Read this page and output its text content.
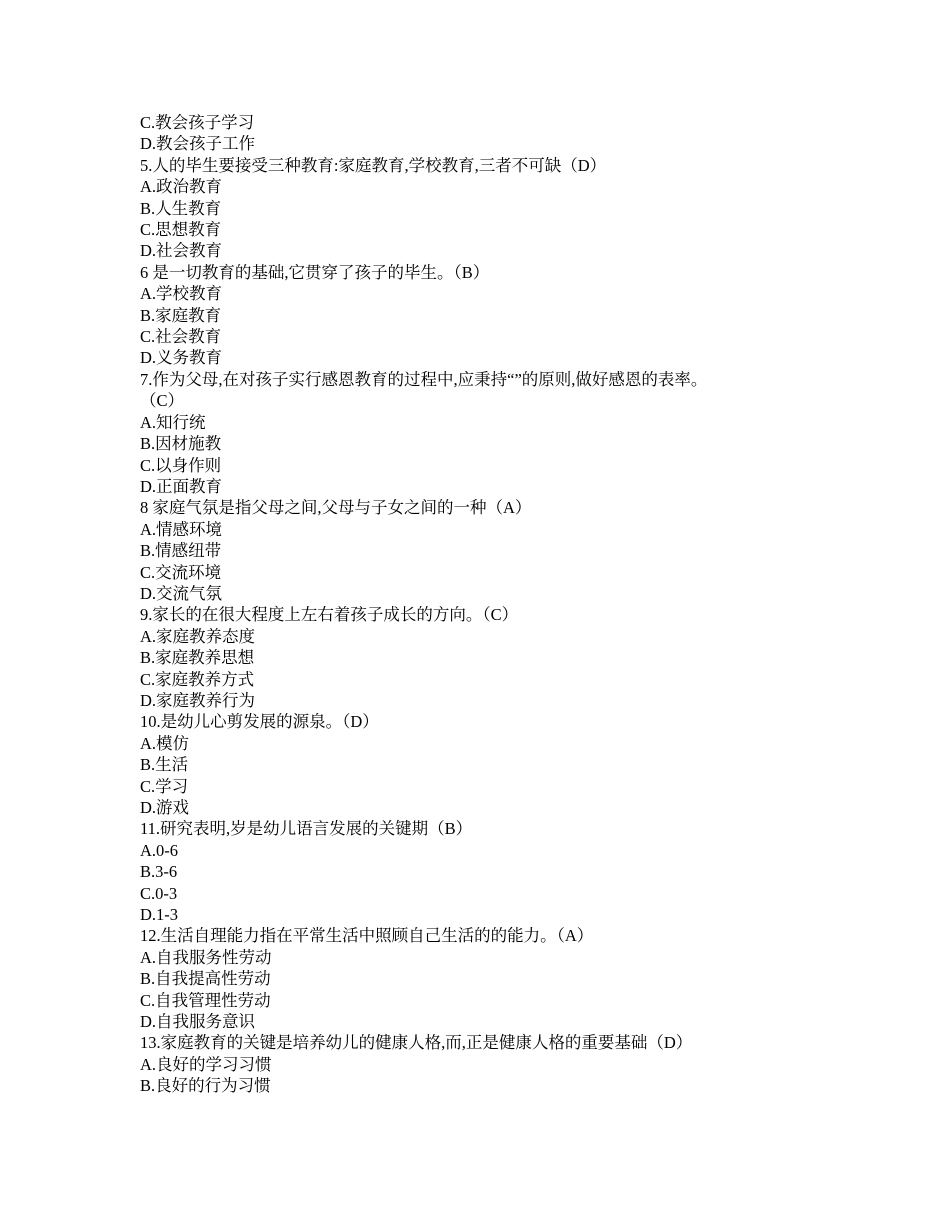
C.教会孩子学习
D.教会孩子工作
5.人的毕生要接受三种教育:家庭教育,学校教育,三者不可缺（D）
A.政治教育
B.人生教育
C.思想教育
D.社会教育
6 是一切教育的基础,它贯穿了孩子的毕生。（B）
A.学校教育
B.家庭教育
C.社会教育
D.义务教育
7.作为父母,在对孩子实行感恩教育的过程中,应秉持“”的原则,做好感恩的表率。
（C）
A.知行统
B.因材施教
C.以身作则
D.正面教育
8 家庭气氛是指父母之间,父母与子女之间的一种（A）
A.情感环境
B.情感纽带
C.交流环境
D.交流气氛
9.家长的在很大程度上左右着孩子成长的方向。（C）
A.家庭教养态度
B.家庭教养思想
C.家庭教养方式
D.家庭教养行为
10.是幼儿心剪发展的源泉。（D）
A.模仿
B.生活
C.学习
D.游戏
11.研究表明,岁是幼儿语言发展的关键期（B）
A.0-6
B.3-6
C.0-3
D.1-3
12.生活自理能力指在平常生活中照顾自己生活的的能力。（A）
A.自我服务性劳动
B.自我提高性劳动
C.自我管理性劳动
D.自我服务意识
13.家庭教育的关键是培养幼儿的健康人格,而,正是健康人格的重要基础（D）
A.良好的学习习惯
B.良好的行为习惯
